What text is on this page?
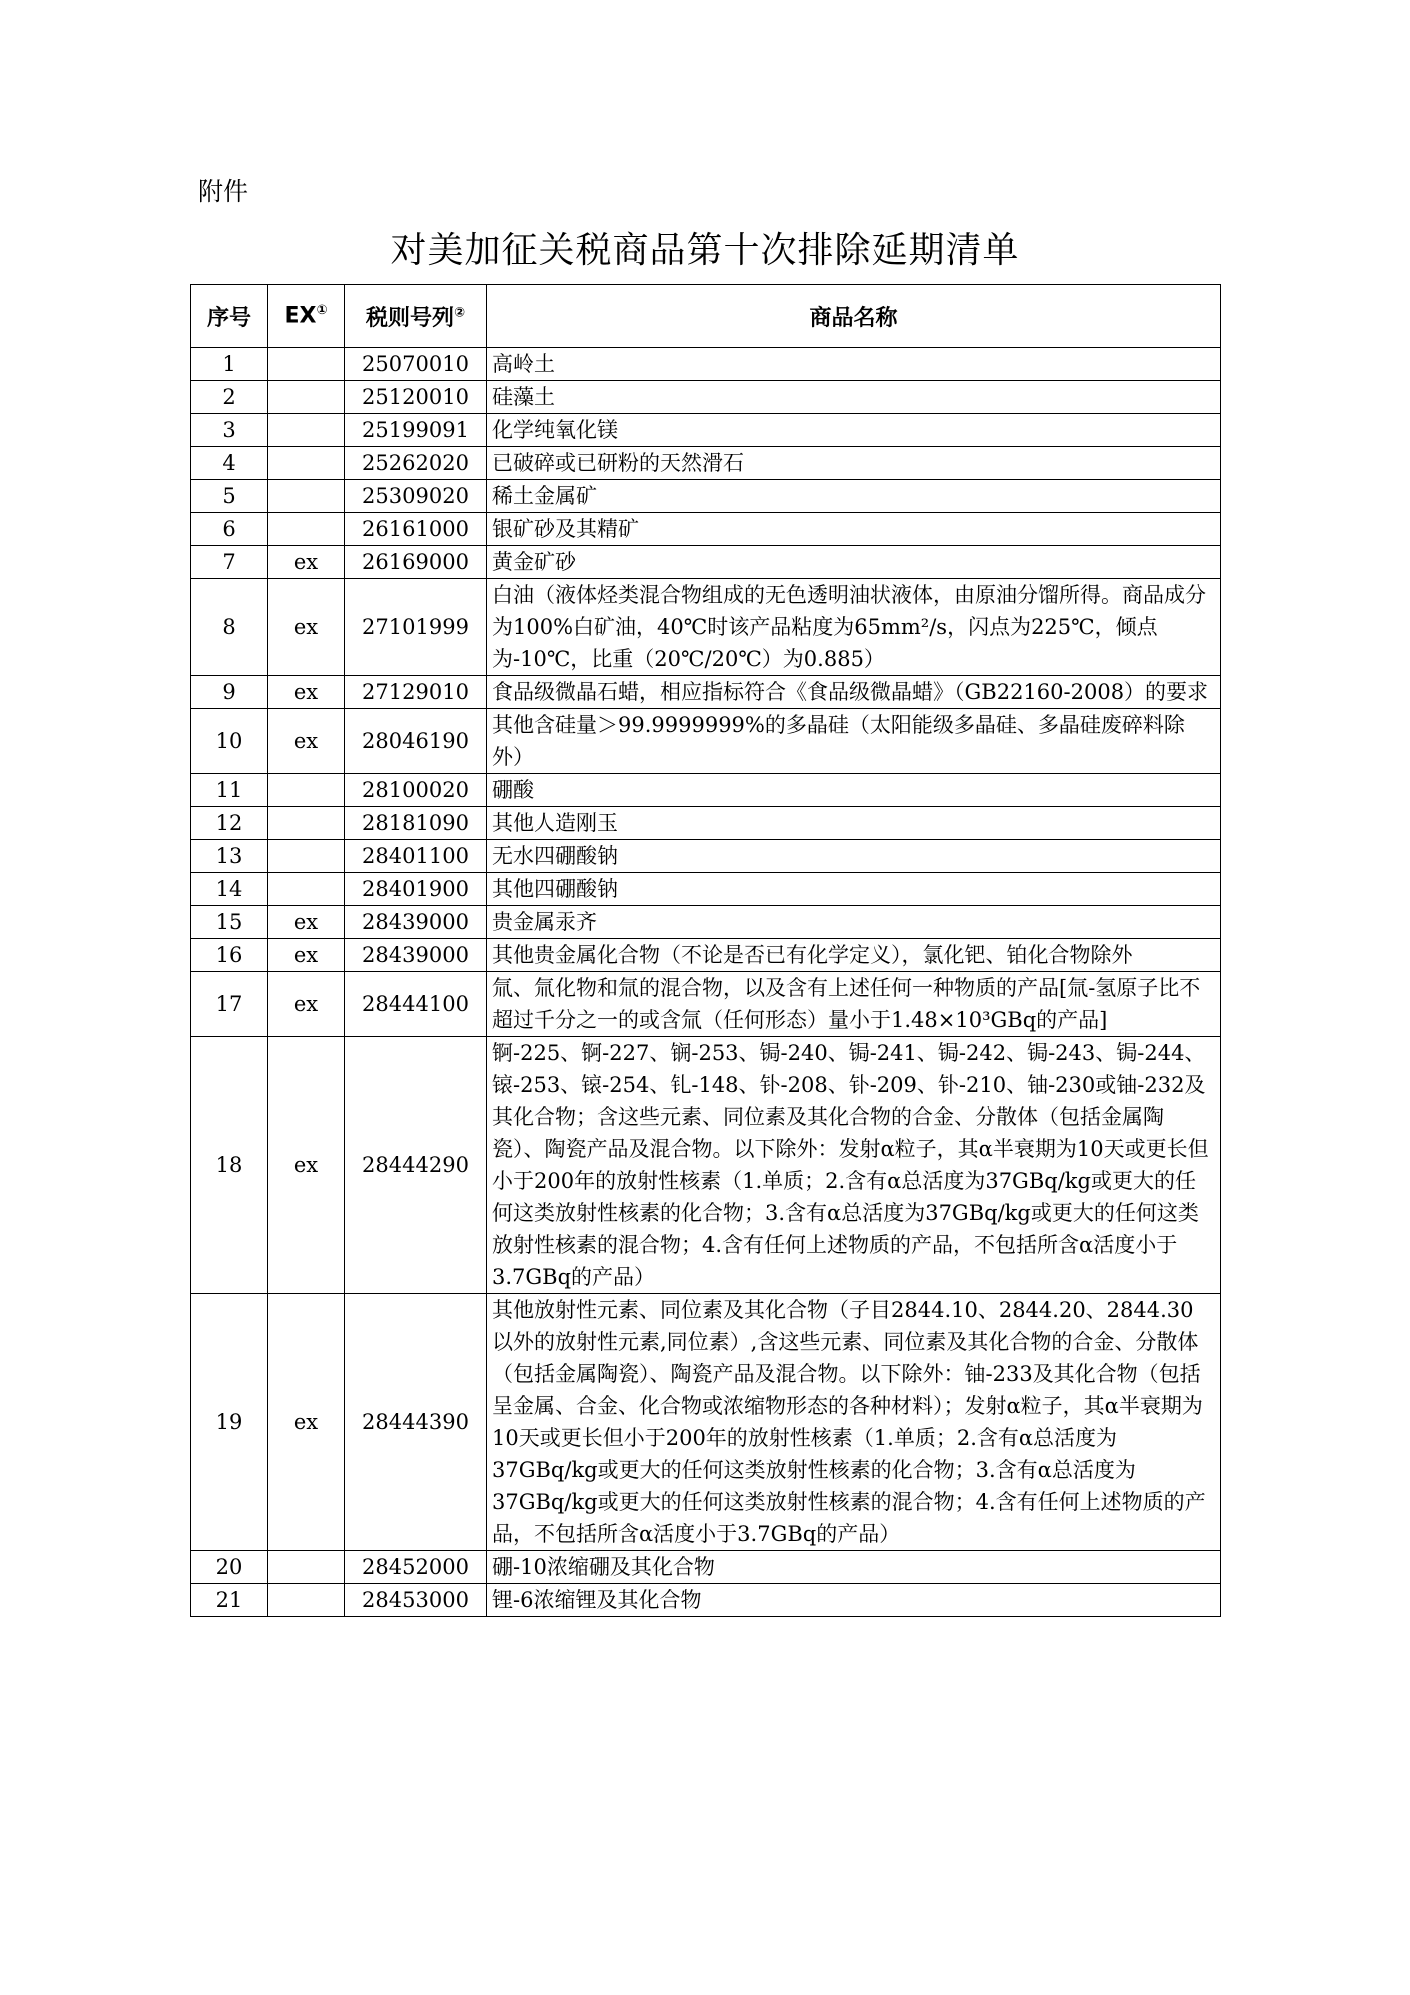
附件
对美加征关税商品第十次排除延期清单
序号	EX①	税则号列②	商品名称
1		25070010	高岭土
2		25120010	硅藻土
3		25199091	化学纯氧化镁
4		25262020	已破碎或已研粉的天然滑石
5		25309020	稀土金属矿
6		26161000	银矿砂及其精矿
7	ex	26169000	黄金矿砂
8	ex	27101999	白油（液体烃类混合物组成的无色透明油状液体，由原油分馏所得。商品成分为100%白矿油，40℃时该产品粘度为65mm²/s，闪点为225℃，倾点为-10℃，比重（20℃/20℃）为0.885）
9	ex	27129010	食品级微晶石蜡，相应指标符合《食品级微晶蜡》（GB22160-2008）的要求
10	ex	28046190	其他含硅量＞99.9999999%的多晶硅（太阳能级多晶硅、多晶硅废碎料除外）
11		28100020	硼酸
12		28181090	其他人造刚玉
13		28401100	无水四硼酸钠
14		28401900	其他四硼酸钠
15	ex	28439000	贵金属汞齐
16	ex	28439000	其他贵金属化合物（不论是否已有化学定义），氯化钯、铂化合物除外
17	ex	28444100	氚、氚化物和氚的混合物，以及含有上述任何一种物质的产品[氚-氢原子比不超过千分之一的或含氚（任何形态）量小于1.48×10³GBq的产品]
18	ex	28444290	锕-225、锕-227、锎-253、锔-240、锔-241、锔-242、锔-243、锔-244、锿-253、锿-254、钆-148、钋-208、钋-209、钋-210、铀-230或铀-232及其化合物；含这些元素、同位素及其化合物的合金、分散体（包括金属陶瓷）、陶瓷产品及混合物。以下除外：发射α粒子，其α半衰期为10天或更长但小于200年的放射性核素（1.单质；2.含有α总活度为37GBq/kg或更大的任何这类放射性核素的化合物；3.含有α总活度为37GBq/kg或更大的任何这类放射性核素的混合物；4.含有任何上述物质的产品，不包括所含α活度小于3.7GBq的产品）
19	ex	28444390	其他放射性元素、同位素及其化合物（子目2844.10、2844.20、2844.30以外的放射性元素,同位素）,含这些元素、同位素及其化合物的合金、分散体（包括金属陶瓷）、陶瓷产品及混合物。以下除外：铀-233及其化合物（包括呈金属、合金、化合物或浓缩物形态的各种材料）；发射α粒子，其α半衰期为10天或更长但小于200年的放射性核素（1.单质；2.含有α总活度为37GBq/kg或更大的任何这类放射性核素的化合物；3.含有α总活度为37GBq/kg或更大的任何这类放射性核素的混合物；4.含有任何上述物质的产品，不包括所含α活度小于3.7GBq的产品）
20		28452000	硼-10浓缩硼及其化合物
21		28453000	锂-6浓缩锂及其化合物
